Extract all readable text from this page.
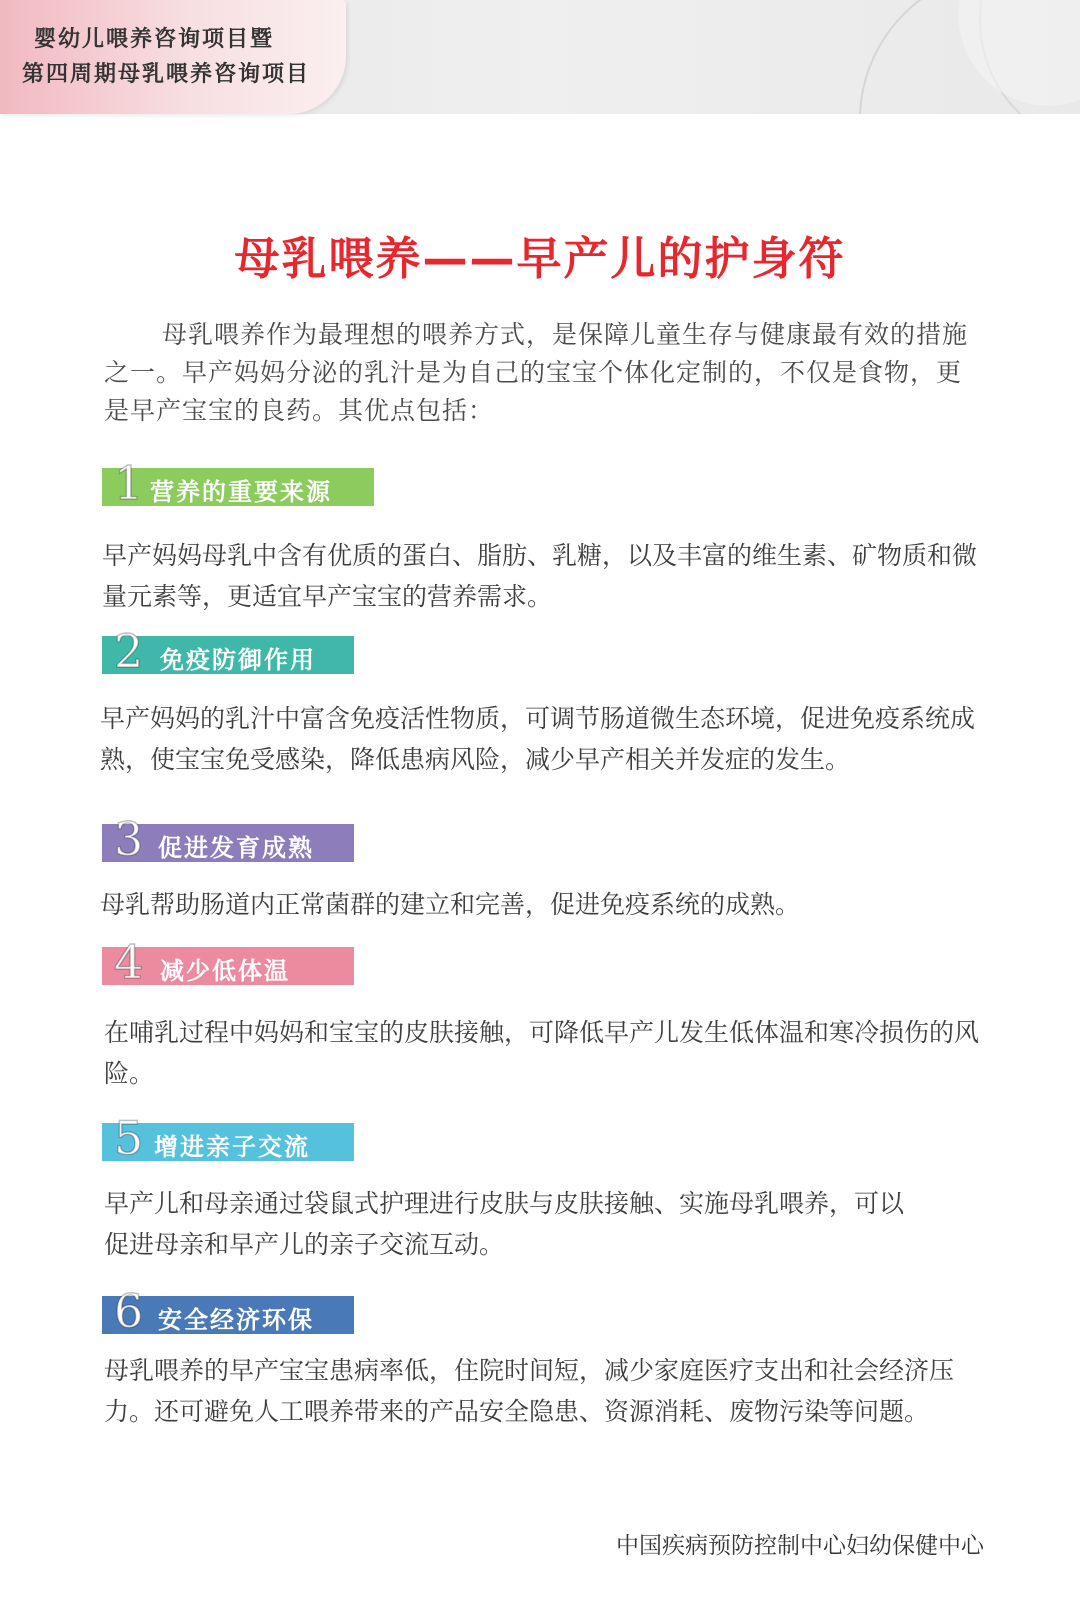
婴幼儿喂养咨询项目暨
第四周期母乳喂养咨询项目
母乳喂养——早产儿的护身符

母乳喂养作为最理想的喂养方式，是保障儿童生存与健康最有效的措施之一。早产妈妈分泌的乳汁是为自己的宝宝个体化定制的，不仅是食物，更是早产宝宝的良药。其优点包括：

1 营养的重要来源

早产妈妈母乳中含有优质的蛋白、脂肪、乳糖，以及丰富的维生素、矿物质和微量元素等，更适宜早产宝宝的营养需求。

2 免疫防御作用

早产妈妈的乳汁中富含免疫活性物质，可调节肠道微生态环境，促进免疫系统成熟，使宝宝免受感染，降低患病风险，减少早产相关并发症的发生。

3 促进发育成熟

母乳帮助肠道内正常菌群的建立和完善，促进免疫系统的成熟。

4 减少低体温

在哺乳过程中妈妈和宝宝的皮肤接触，可降低早产儿发生低体温和寒冷损伤的风险。

5 增进亲子交流

早产儿和母亲通过袋鼠式护理进行皮肤与皮肤接触、实施母乳喂养，可以促进母亲和早产儿的亲子交流互动。

6 安全经济环保

母乳喂养的早产宝宝患病率低，住院时间短，减少家庭医疗支出和社会经济压力。还可避免人工喂养带来的产品安全隐患、资源消耗、废物污染等问题。

中国疾病预防控制中心妇幼保健中心
